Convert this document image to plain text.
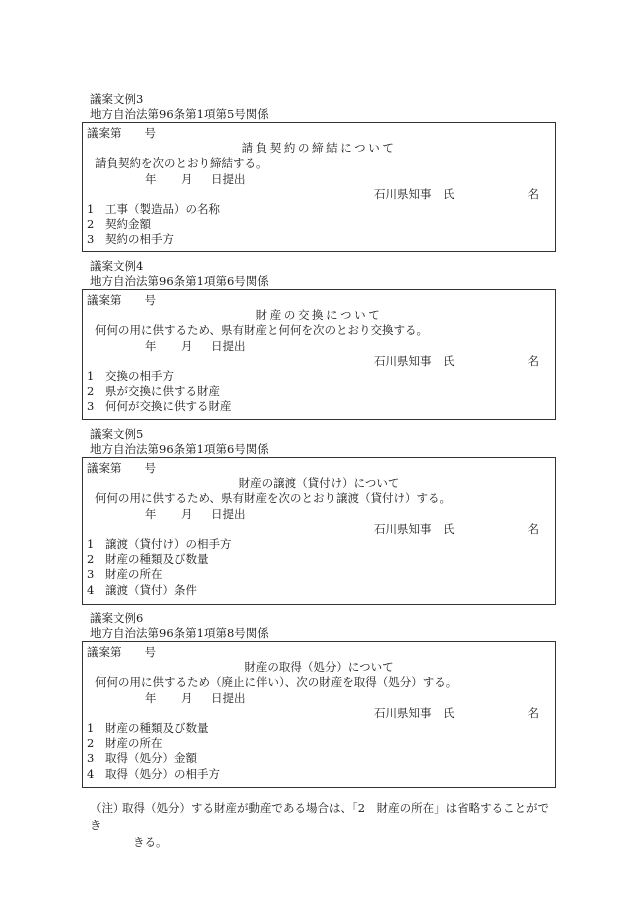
議案文例3
地方自治法第96条第1項第5号関係
議案第　　号
請負契約の締結について
請負契約を次のとおり締結する。
年 月 日提出
石川県知事　氏	名
1 工事（製造品）の名称
2 契約金額
3 契約の相手方
議案文例4
地方自治法第96条第1項第6号関係
議案第　　号
財産の交換について
何何の用に供するため、県有財産と何何を次のとおり交換する。
年 月 日提出
石川県知事　氏	名
1 交換の相手方
2 県が交換に供する財産
3 何何が交換に供する財産
議案文例5
地方自治法第96条第1項第6号関係
議案第　　号
財産の譲渡（貸付け）について
何何の用に供するため、県有財産を次のとおり譲渡（貸付け）する。
年 月 日提出
石川県知事　氏	名
1 譲渡（貸付け）の相手方
2 財産の種類及び数量
3 財産の所在
4 譲渡（貸付）条件
議案文例6
地方自治法第96条第1項第8号関係
議案第　　号
財産の取得（処分）について
何何の用に供するため（廃止に伴い）、次の財産を取得（処分）する。
年 月 日提出
石川県知事　氏	名
1 財産の種類及び数量
2 財産の所在
3 取得（処分）金額
4 取得（処分）の相手方
（注）取得（処分）する財産が動産である場合は、「2　財産の所在」は省略することができ
きる。
